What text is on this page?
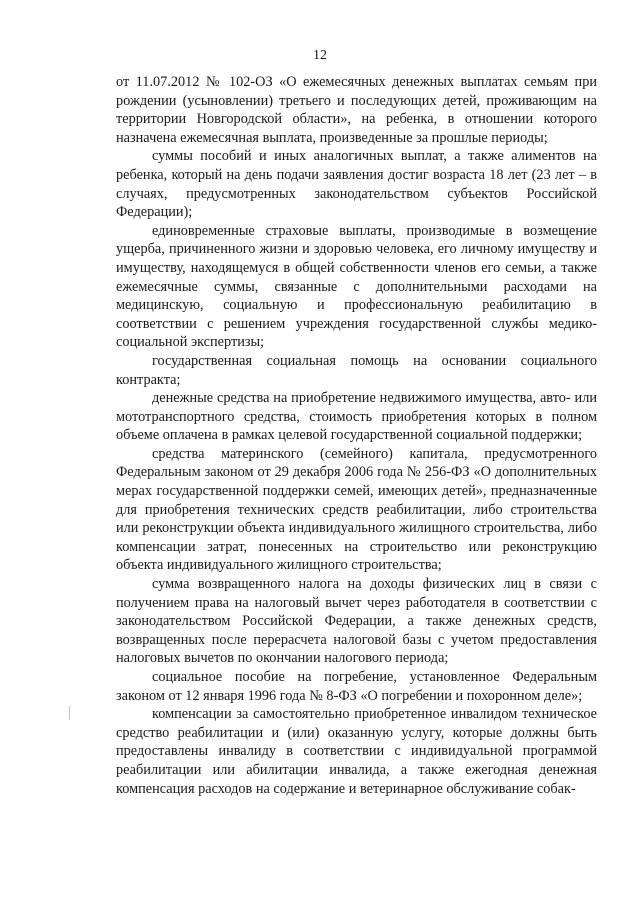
12

от 11.07.2012 № 102-ОЗ «О ежемесячных денежных выплатах семьям при рождении (усыновлении) третьего и последующих детей, проживающим на территории Новгородской области», на ребенка, в отношении которого назначена ежемесячная выплата, произведенные за прошлые периоды;

суммы пособий и иных аналогичных выплат, а также алиментов на ребенка, который на день подачи заявления достиг возраста 18 лет (23 лет – в случаях, предусмотренных законодательством субъектов Российской Федерации);

единовременные страховые выплаты, производимые в возмещение ущерба, причиненного жизни и здоровью человека, его личному имуществу и имуществу, находящемуся в общей собственности членов его семьи, а также ежемесячные суммы, связанные с дополнительными расходами на медицинскую, социальную и профессиональную реабилитацию в соответствии с решением учреждения государственной службы медико-социальной экспертизы;

государственная социальная помощь на основании социального контракта;

денежные средства на приобретение недвижимого имущества, авто- или мототранспортного средства, стоимость приобретения которых в полном объеме оплачена в рамках целевой государственной социальной поддержки;

средства материнского (семейного) капитала, предусмотренного Федеральным законом от 29 декабря 2006 года № 256-ФЗ «О дополнительных мерах государственной поддержки семей, имеющих детей», предназначенные для приобретения технических средств реабилитации, либо строительства или реконструкции объекта индивидуального жилищного строительства, либо компенсации затрат, понесенных на строительство или реконструкцию объекта индивидуального жилищного строительства;

сумма возвращенного налога на доходы физических лиц в связи с получением права на налоговый вычет через работодателя в соответствии с законодательством Российской Федерации, а также денежных средств, возвращенных после перерасчета налоговой базы с учетом предоставления налоговых вычетов по окончании налогового периода;

социальное пособие на погребение, установленное Федеральным законом от 12 января 1996 года № 8-ФЗ «О погребении и похоронном деле»;

компенсации за самостоятельно приобретенное инвалидом техническое средство реабилитации и (или) оказанную услугу, которые должны быть предоставлены инвалиду в соответствии с индивидуальной программой реабилитации или абилитации инвалида, а также ежегодная денежная компенсация расходов на содержание и ветеринарное обслуживание собак-
